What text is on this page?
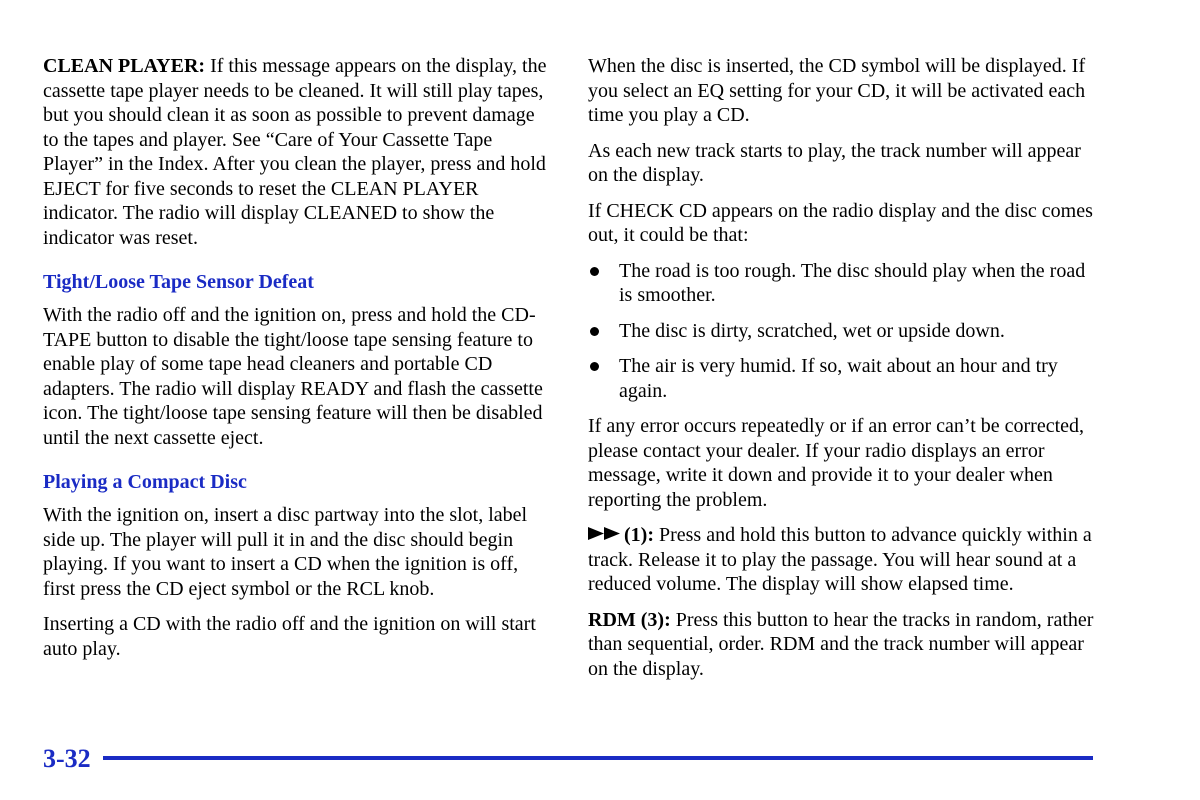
CLEAN PLAYER: If this message appears on the display, the cassette tape player needs to be cleaned. It will still play tapes, but you should clean it as soon as possible to prevent damage to the tapes and player. See “Care of Your Cassette Tape Player” in the Index. After you clean the player, press and hold EJECT for five seconds to reset the CLEAN PLAYER indicator. The radio will display CLEANED to show the indicator was reset.

Tight/Loose Tape Sensor Defeat

With the radio off and the ignition on, press and hold the CD-TAPE button to disable the tight/loose tape sensing feature to enable play of some tape head cleaners and portable CD adapters. The radio will display READY and flash the cassette icon. The tight/loose tape sensing feature will then be disabled until the next cassette eject.

Playing a Compact Disc

With the ignition on, insert a disc partway into the slot, label side up. The player will pull it in and the disc should begin playing. If you want to insert a CD when the ignition is off, first press the CD eject symbol or the RCL knob.

Inserting a CD with the radio off and the ignition on will start auto play.

When the disc is inserted, the CD symbol will be displayed. If you select an EQ setting for your CD, it will be activated each time you play a CD.

As each new track starts to play, the track number will appear on the display.

If CHECK CD appears on the radio display and the disc comes out, it could be that:

The road is too rough. The disc should play when the road is smoother.
The disc is dirty, scratched, wet or upside down.
The air is very humid. If so, wait about an hour and try again.

If any error occurs repeatedly or if an error can’t be corrected, please contact your dealer. If your radio displays an error message, write it down and provide it to your dealer when reporting the problem.

(1): Press and hold this button to advance quickly within a track. Release it to play the passage. You will hear sound at a reduced volume. The display will show elapsed time.

RDM (3): Press this button to hear the tracks in random, rather than sequential, order. RDM and the track number will appear on the display.

3-32
